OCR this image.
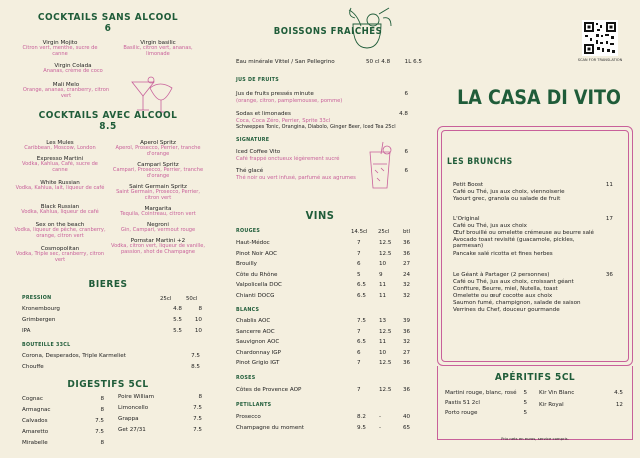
COCKTAILS SANS ALCOOL
6
Virgin Mojito
Citron vert, menthe, sucre de canne
Virgin basilic
Basilic, citron vert, ananas, limonade
Virgin Colada
Ananas, crème de coco
Mali Melo
Orange, ananas, cranberry, citron vert
COCKTAILS AVEC ALCOOL
8.5
Les Mules
Caribbean, Moscow, London
Expresso Martini
Vodka, Kahlua, Café, sucre de canne
White Russian
Vodka, Kahlua, lait, liqueur de café
Black Russian
Vodka, Kahlua, liqueur de café
Sex on the beach
Vodka, liqueur de pêche, cranberry, orange, citron vert
Cosmopolitan
Vodka, Triple sec, cranberry, citron vert
Aperol Spritz
Aperol, Prosecco, Perrier, tranche d'orange
Campari Spritz
Campari, Prosecco, Perrier, tranche d'orange
Saint Germain Spritz
Saint Germain, Prosecco, Perrier, citron vert
Margarita
Tequila, Cointreau, citron vert
Negroni
Gin, Campari, vermout rouge
Pornstar Martini +2
Vodka, citron vert, liqueur de vanille, passion, shot de Champagne
BIERES
PRESSION	25cl	50cl
Kronembourg	4.8	8
Grimbergen	5.5	10
IPA	5.5	10
BOUTEILLE 33CL
Corona, Desperados, Triple Karmeliet	7.5
Chouffe	8.5
DIGESTIFS 5CL
Cognac	8
Armagnac	8
Calvados	7.5
Amaretto	7.5
Mirabelle	8
Poire William	8
Limoncello	7.5
Grappa	7.5
Get 27/31	7.5
BOISSONS FRAICHES
Eau minérale Vittel / San Pellegrino	50 cl 4.8	1L 6.5
JUS DE FRUITS
Jus de fruits pressés minute	6
(orange, citron, pamplemousse, pomme)
Sodas et limonades	4.8
Coca, Coca Zéro, Perrier, Sprite 33cl
Schweppes Tonic, Orangina, Diabolo, Ginger Beer, Iced Tea 25cl
SIGNATURE
Iced Coffee Vito	6
Café frappé onctueux légèrement sucré
Thé glacé	6
Thé noir ou vert infusé, parfumé aux agrumes
VINS
ROUGES	14.5cl 25cl	btl
Haut-Médoc	7	12.5	36
Pinot Noir AOC	7	12.5	36
Brouilly	6	10	27
Côte du Rhône	5	9	24
Valpolicella DOC	6.5	11	32
Chianti DOCG	6.5	11	32
BLANCS
Chablis AOC	7.5	13	39
Sancerre AOC	7	12.5	36
Sauvignon AOC	6.5	11	32
Chardonnay IGP	6	10	27
Pinot Grigio IGT	7	12.5	36
ROSES
Côtes de Provence AOP	7	12.5	36
PETILLANTS
Prosecco	8.2	-	40
Champagne du moment	9.5	-	65
SCAN FOR TRANSLATION
LA CASA DI VITO
LES BRUNCHS
Petit Boost	11
Café ou Thé, jus aux choix, viennoiserie
Yaourt grec, granola ou salade de fruit
L'Original	17
Café ou Thé, jus aux choix
Œuf brouillé ou omelette crémeuse au beurre salé
Avocado toast revisité (guacamole, pickles, parmesan)
Pancake salé ricotta et fines herbes
Le Géant à Partager (2 personnes)	36
Café ou Thé, jus aux choix, croissant géant
Confiture, Beurre, miel, Nutella, toast
Omelette ou œuf cocotte aux choix
Saumon fumé, champignon, salade de saison
Verrines du Chef, douceur gourmande
APÉRITIFS 5CL
Martini rouge, blanc, rosé	5
Pastis 51 2cl	5
Porto rouge	5
Kir Vin Blanc	4.5
Kir Royal	12
Prix nets en euros, service compris.
